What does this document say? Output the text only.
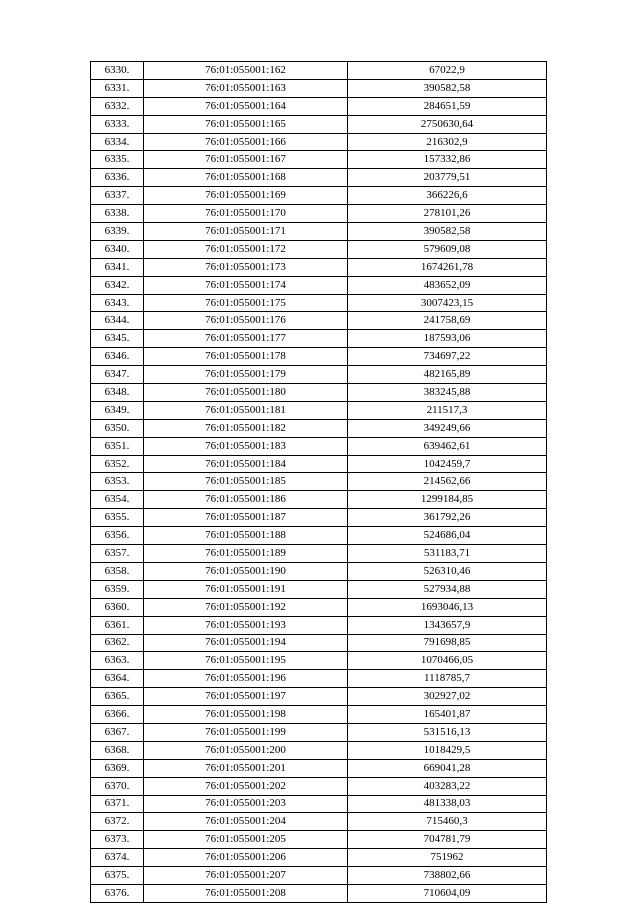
6330.	76:01:055001:162	67022,9
6331.	76:01:055001:163	390582,58
6332.	76:01:055001:164	284651,59
6333.	76:01:055001:165	2750630,64
6334.	76:01:055001:166	216302,9
6335.	76:01:055001:167	157332,86
6336.	76:01:055001:168	203779,51
6337.	76:01:055001:169	366226,6
6338.	76:01:055001:170	278101,26
6339.	76:01:055001:171	390582,58
6340.	76:01:055001:172	579609,08
6341.	76:01:055001:173	1674261,78
6342.	76:01:055001:174	483652,09
6343.	76:01:055001:175	3007423,15
6344.	76:01:055001:176	241758,69
6345.	76:01:055001:177	187593,06
6346.	76:01:055001:178	734697,22
6347.	76:01:055001:179	482165,89
6348.	76:01:055001:180	383245,88
6349.	76:01:055001:181	211517,3
6350.	76:01:055001:182	349249,66
6351.	76:01:055001:183	639462,61
6352.	76:01:055001:184	1042459,7
6353.	76:01:055001:185	214562,66
6354.	76:01:055001:186	1299184,85
6355.	76:01:055001:187	361792,26
6356.	76:01:055001:188	524686,04
6357.	76:01:055001:189	531183,71
6358.	76:01:055001:190	526310,46
6359.	76:01:055001:191	527934,88
6360.	76:01:055001:192	1693046,13
6361.	76:01:055001:193	1343657,9
6362.	76:01:055001:194	791698,85
6363.	76:01:055001:195	1070466,05
6364.	76:01:055001:196	1118785,7
6365.	76:01:055001:197	302927,02
6366.	76:01:055001:198	165401,87
6367.	76:01:055001:199	531516,13
6368.	76:01:055001:200	1018429,5
6369.	76:01:055001:201	669041,28
6370.	76:01:055001:202	403283,22
6371.	76:01:055001:203	481338,03
6372.	76:01:055001:204	715460,3
6373.	76:01:055001:205	704781,79
6374.	76:01:055001:206	751962
6375.	76:01:055001:207	738802,66
6376.	76:01:055001:208	710604,09
